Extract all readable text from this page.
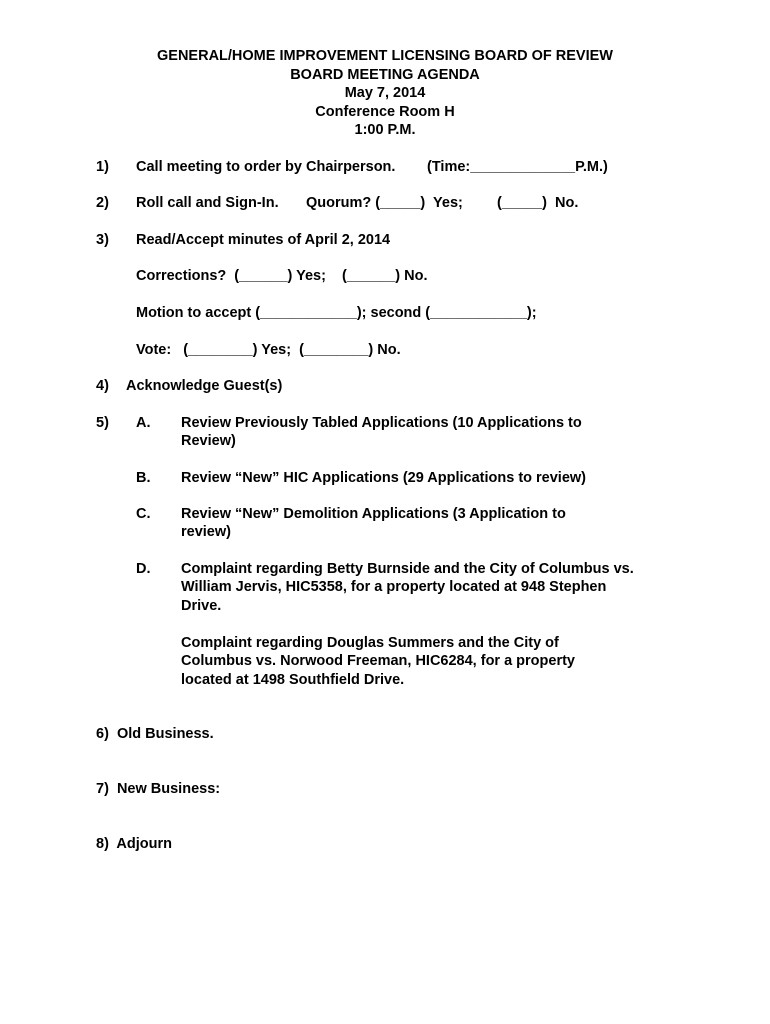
GENERAL/HOME IMPROVEMENT LICENSING BOARD OF REVIEW
BOARD MEETING AGENDA
May 7, 2014
Conference Room H
1:00 P.M.
1) Call meeting to order by Chairperson. (Time:_____________P.M.)
2) Roll call and Sign-In. Quorum? (_____)  Yes; (_____)  No.
3) Read/Accept minutes of April 2, 2014
Corrections?  (______) Yes;    (______) No.
Motion to accept (____________); second (____________);
Vote:   (________) Yes;  (________) No.
4) Acknowledge Guest(s)
5) A. Review Previously Tabled Applications (10 Applications to Review)
B. Review “New” HIC Applications (29 Applications to review)
C. Review “New” Demolition Applications (3 Application to review)
D. Complaint regarding Betty Burnside and the City of Columbus vs. William Jervis, HIC5358, for a property located at 948 Stephen Drive.
Complaint regarding Douglas Summers and the City of Columbus vs. Norwood Freeman, HIC6284, for a property located at 1498 Southfield Drive.
6)  Old Business.
7)  New Business:
8)  Adjourn
